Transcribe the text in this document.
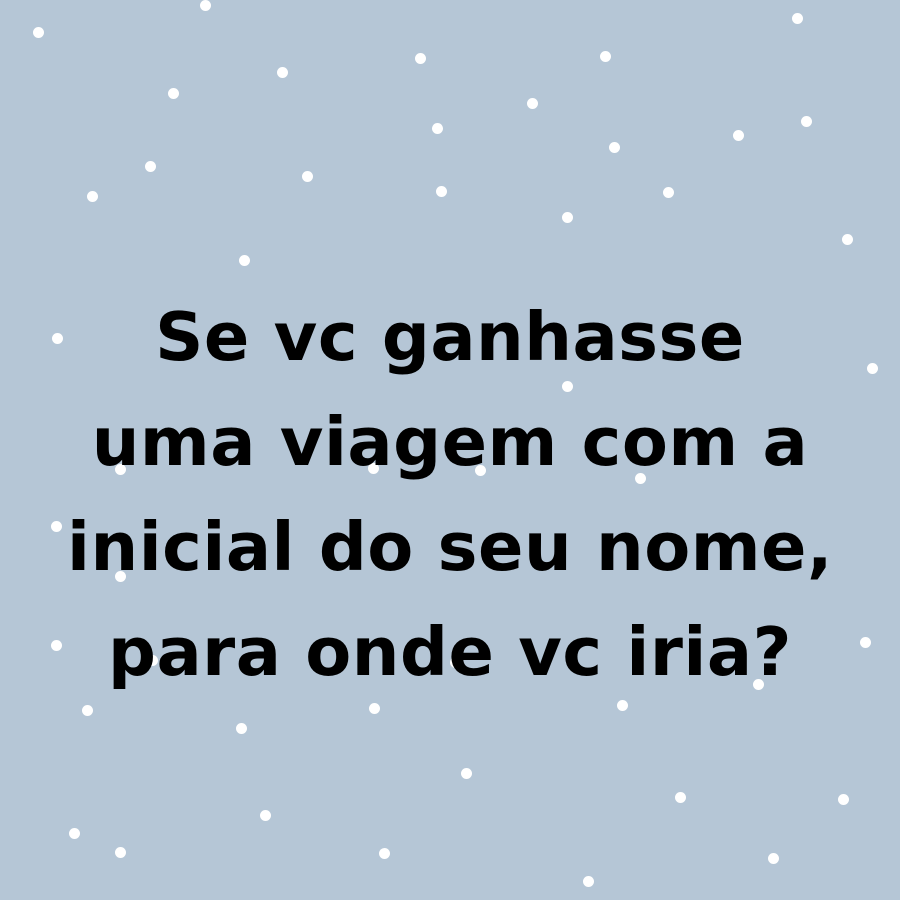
Se vc ganhasse
uma viagem com a
inicial do seu nome,
para onde vc iria?
